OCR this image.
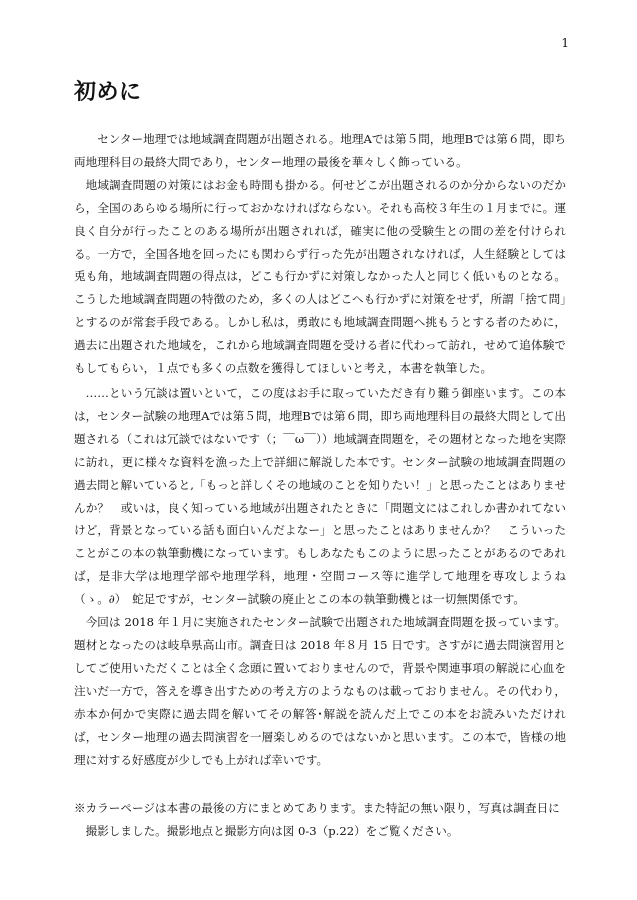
1
初めに

センター地理では地域調査問題が出題される。地理Aでは第５問，地理Bでは第６問，即ち両地理科目の最終大問であり，センター地理の最後を華々しく飾っている。

地域調査問題の対策にはお金も時間も掛かる。何せどこが出題されるのか分からないのだから，全国のあらゆる場所に行っておかなければならない。それも高校３年生の１月までに。運良く自分が行ったことのある場所が出題されれば，確実に他の受験生との間の差を付けられる。一方で，全国各地を回ったにも関わらず行った先が出題されなければ，人生経験としては兎も角，地域調査問題の得点は，どこも行かずに対策しなかった人と同じく低いものとなる。こうした地域調査問題の特徴のため，多くの人はどこへも行かずに対策をせず，所謂「捨て問」とするのが常套手段である。しかし私は，勇敢にも地域調査問題へ挑もうとする者のために，過去に出題された地域を，これから地域調査問題を受ける者に代わって訪れ，せめて追体験でもしてもらい，１点でも多くの点数を獲得してほしいと考え，本書を執筆した。

……という冗談は置いといて，この度はお手に取っていただき有り難う御座います。この本は，センター試験の地理Aでは第５問，地理Bでは第６問，即ち両地理科目の最終大問として出題される（これは冗談ではないです（；￣ω￣））地域調査問題を，その題材となった地を実際に訪れ，更に様々な資料を漁った上で詳細に解説した本です。センター試験の地域調査問題の過去問と解いていると,「もっと詳しくその地域のことを知りたい！」と思ったことはありませんか？　或いは，良く知っている地域が出題されたときに「問題文にはこれしか書かれてないけど，背景となっている話も面白いんだよなー」と思ったことはありませんか？　こういったことがこの本の執筆動機になっています。もしあなたもこのように思ったことがあるのであれば，是非大学は地理学部や地理学科，地理・空間コース等に進学して地理を専攻しようね（ゝ。∂）　蛇足ですが，センター試験の廃止とこの本の執筆動機とは一切無関係です。

今回は 2018 年１月に実施されたセンター試験で出題された地域調査問題を扱っています。題材となったのは岐阜県高山市。調査日は 2018 年８月 15 日です。さすがに過去問演習用としてご使用いただくことは全く念頭に置いておりませんので，背景や関連事項の解説に心血を注いだ一方で，答えを導き出すための考え方のようなものは載っておりません。その代わり，赤本か何かで実際に過去問を解いてその解答･解説を読んだ上でこの本をお読みいただければ，センター地理の過去問演習を一層楽しめるのではないかと思います。この本で，皆様の地理に対する好感度が少しでも上がれば幸いです。

※カラーページは本書の最後の方にまとめてあります。また特記の無い限り，写真は調査日に撮影しました。撮影地点と撮影方向は図 0-3（p.22）をご覧ください。
